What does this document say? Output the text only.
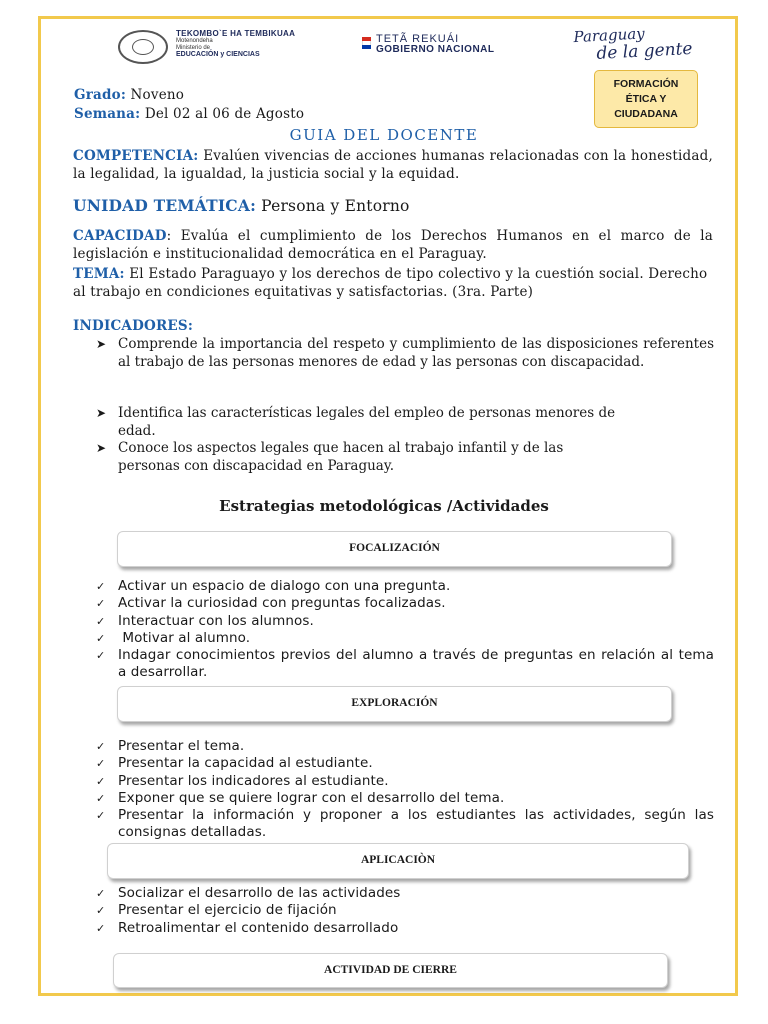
TEKOMBO`E HA TEMBIKUAA
Motenondeha
Ministerio de
EDUCACIÓN y CIENCIAS
TETÃ REKUÁI
GOBIERNO NACIONAL
Paraguay
de la gente
FORMACIÓN
ÉTICA Y
CIUDADANA
Grado: Noveno
Semana: Del 02 al 06 de Agosto
GUIA DEL DOCENTE
COMPETENCIA: Evalúen vivencias de acciones humanas relacionadas con la honestidad, la legalidad, la igualdad, la justicia social y la equidad.
UNIDAD TEMÁTICA: Persona y Entorno
CAPACIDAD: Evalúa el cumplimiento de los Derechos Humanos en el marco de la legislación e institucionalidad democrática en el Paraguay.
TEMA: El Estado Paraguayo y los derechos de tipo colectivo y la cuestión social. Derecho al trabajo en condiciones equitativas y satisfactorias. (3ra. Parte)
INDICADORES:
➤ Comprende la importancia del respeto y cumplimiento de las disposiciones referentes al trabajo de las personas menores de edad y las personas con discapacidad.
➤ Identifica las características legales del empleo de personas menores de edad.
➤ Conoce los aspectos legales que hacen al trabajo infantil y de las personas con discapacidad en Paraguay.
Estrategias metodológicas /Actividades
FOCALIZACIÓN
✓ Activar un espacio de dialogo con una pregunta.
✓ Activar la curiosidad con preguntas focalizadas.
✓ Interactuar con los alumnos.
✓ Motivar al alumno.
✓ Indagar conocimientos previos del alumno a través de preguntas en relación al tema a desarrollar.
EXPLORACIÓN
✓ Presentar el tema.
✓ Presentar la capacidad al estudiante.
✓ Presentar los indicadores al estudiante.
✓ Exponer que se quiere lograr con el desarrollo del tema.
✓ Presentar la información y proponer a los estudiantes las actividades, según las consignas detalladas.
APLICACIÒN
✓ Socializar el desarrollo de las actividades
✓ Presentar el ejercicio de fijación
✓ Retroalimentar el contenido desarrollado
ACTIVIDAD DE CIERRE
